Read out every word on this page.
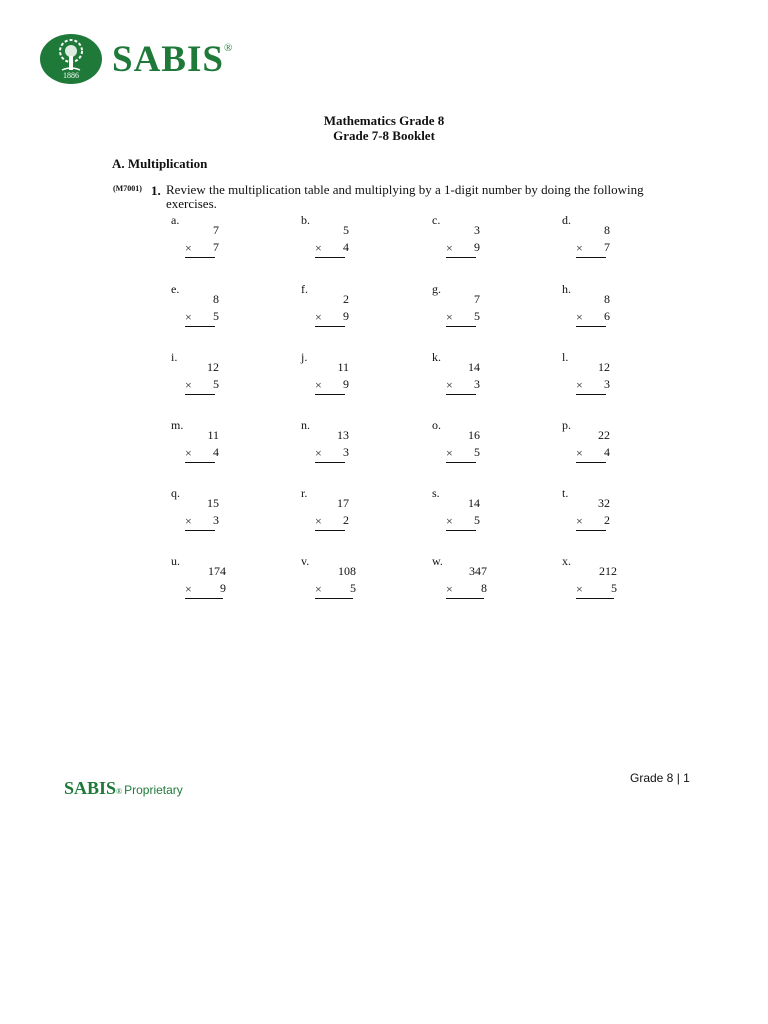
1886 SABIS®
Mathematics Grade 8
Grade 7-8 Booklet
A. Multiplication
(M7001) 1. Review the multiplication table and multiplying by a 1-digit number by doing the following exercises.
a.
7
×	7
b.
5
×	4
c.
3
×	9
d.
8
×	7
e.
8
×	5
f.
2
×	9
g.
7
×	5
h.
8
×	6
i.
12
×	5
j.
11
×	9
k.
14
×	3
l.
12
×	3
m.
11
×	4
n.
13
×	3
o.
16
×	5
p.
22
×	4
q.
15
×	3
r.
17
×	2
s.
14
×	5
t.
32
×	2
u.
174
×	9
v.
108
×	5
w.
347
×	8
x.
212
×	5
SABIS ® Proprietary
Grade 8 | 1
